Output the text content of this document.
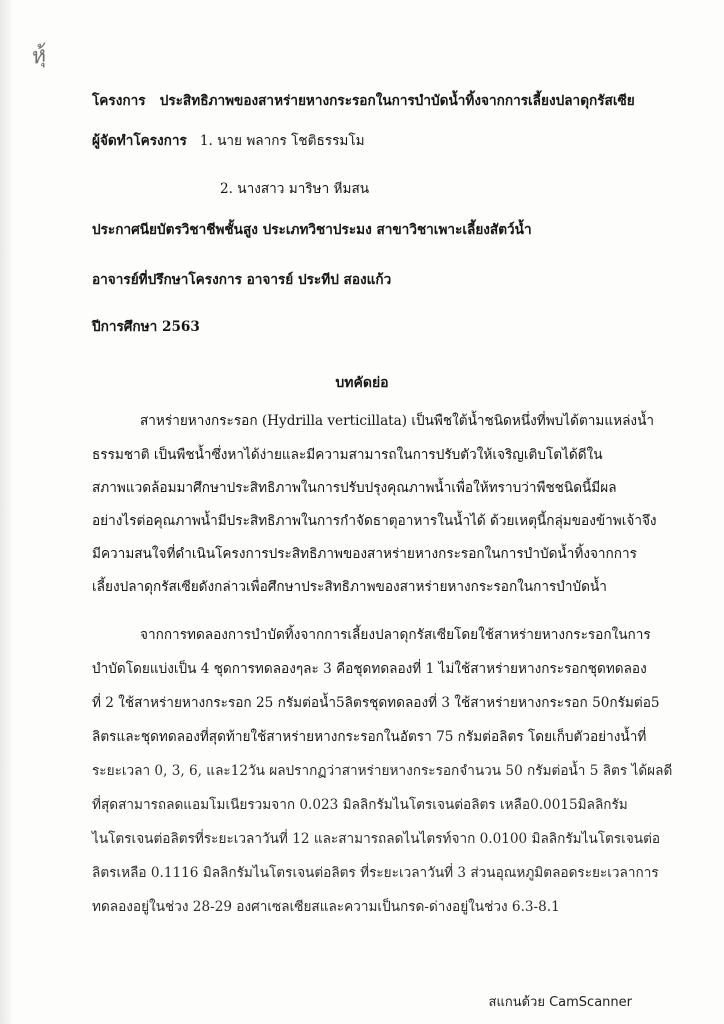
หุ้
โครงการ ประสิทธิภาพของสาหร่ายหางกระรอกในการบำบัดน้ำทิ้งจากการเลี้ยงปลาดุกรัสเซีย
ผู้จัดทำโครงการ 1. นาย พลากร โชติธรรมโม
2. นางสาว มาริษา หีมสน
ประกาศนียบัตรวิชาชีพชั้นสูง ประเภทวิชาประมง สาขาวิชาเพาะเลี้ยงสัตว์น้ำ
อาจารย์ที่ปรึกษาโครงการ อาจารย์ ประทีป สองแก้ว
ปีการศึกษา 2563
บทคัดย่อ
สาหร่ายหางกระรอก (Hydrilla verticillata) เป็นพืชใต้น้ำชนิดหนึ่งที่พบได้ตามแหล่งน้ำ
ธรรมชาติ เป็นพืชน้ำซึ่งหาได้ง่ายและมีความสามารถในการปรับตัวให้เจริญเติบโตได้ดีใน
สภาพแวดล้อมมาศึกษาประสิทธิภาพในการปรับปรุงคุณภาพน้ำเพื่อให้ทราบว่าพืชชนิดนี้มีผล
อย่างไรต่อคุณภาพน้ำมีประสิทธิภาพในการกำจัดธาตุอาหารในน้ำได้ ด้วยเหตุนี้กลุ่มของข้าพเจ้าจึง
มีความสนใจที่ดำเนินโครงการประสิทธิภาพของสาหร่ายหางกระรอกในการบำบัดน้ำทิ้งจากการ
เลี้ยงปลาดุกรัสเซียดังกล่าวเพื่อศึกษาประสิทธิภาพของสาหร่ายหางกระรอกในการบำบัดน้ำ
จากการทดลองการบำบัดทิ้งจากการเลี้ยงปลาดุกรัสเซียโดยใช้สาหร่ายหางกระรอกในการ
บำบัดโดยแบ่งเป็น 4 ชุดการทดลองๆละ 3 คือชุดทดลองที่ 1 ไม่ใช้สาหร่ายหางกระรอกชุดทดลอง
ที่ 2 ใช้สาหร่ายหางกระรอก 25 กรัมต่อน้ำ5ลิตรชุดทดลองที่ 3 ใช้สาหร่ายหางกระรอก 50กรัมต่อ5
ลิตรและชุดทดลองที่สุดท้ายใช้สาหร่ายหางกระรอกในอัตรา 75 กรัมต่อลิตร โดยเก็บตัวอย่างน้ำที่
ระยะเวลา 0, 3, 6, และ12วัน ผลปรากฏว่าสาหร่ายหางกระรอกจำนวน 50 กรัมต่อน้ำ 5 ลิตร ได้ผลดี
ที่สุดสามารถลดแอมโมเนียรวมจาก 0.023 มิลลิกรัมไนโตรเจนต่อลิตร เหลือ0.0015มิลลิกรัม
ไนโตรเจนต่อลิตรที่ระยะเวลาวันที่ 12 และสามารถลดไนไตรท์จาก 0.0100 มิลลิกรัมไนโตรเจนต่อ
ลิตรเหลือ 0.1116 มิลลิกรัมไนโตรเจนต่อลิตร ที่ระยะเวลาวันที่ 3 ส่วนอุณหภูมิตลอดระยะเวลาการ
ทดลองอยู่ในช่วง 28-29 องศาเซลเซียสและความเป็นกรด-ด่างอยู่ในช่วง 6.3-8.1
สแกนด้วย CamScanner
